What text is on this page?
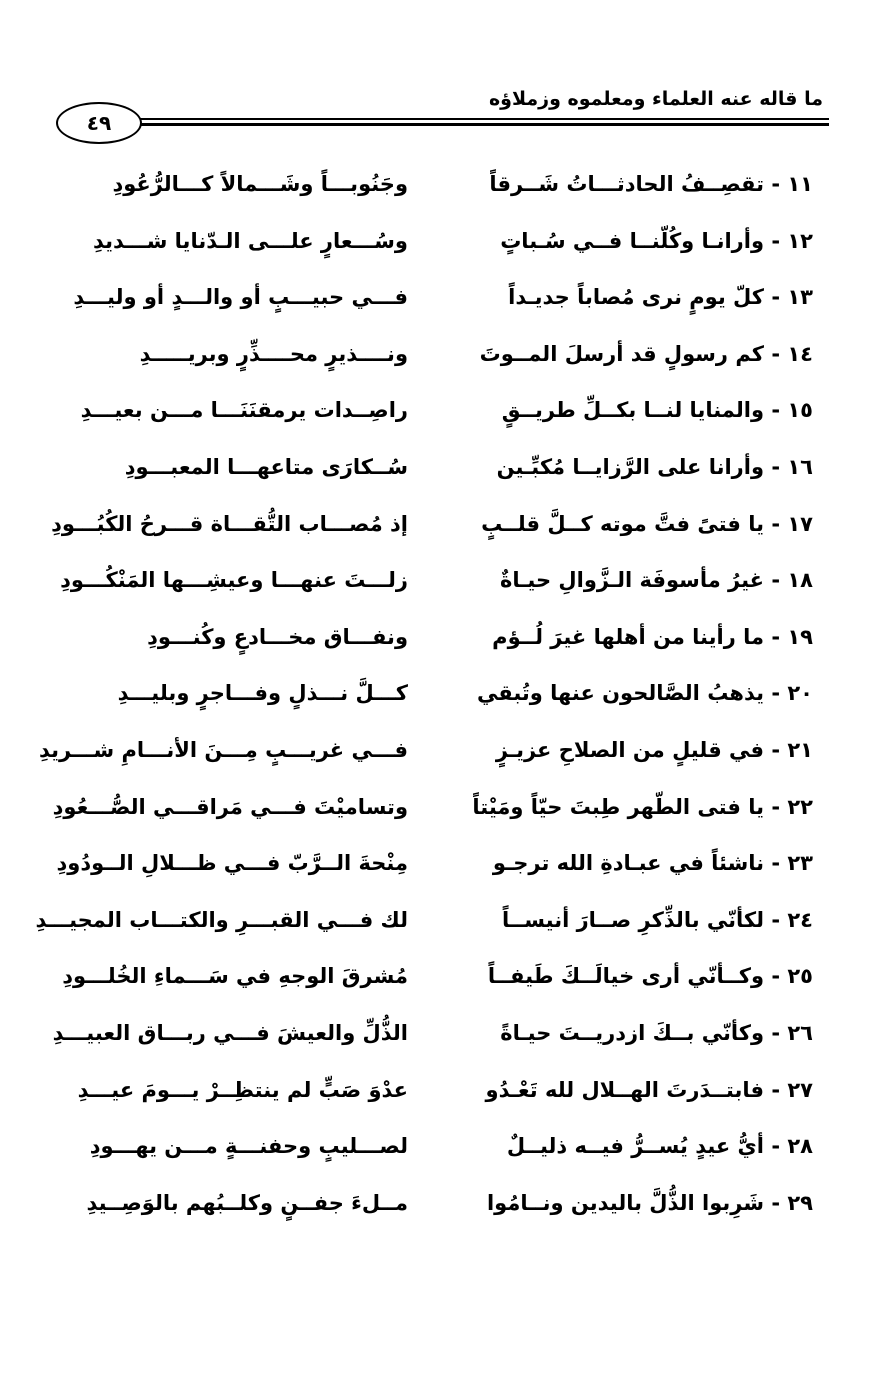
ما قاله عنه العلماء ومعلموه وزملاؤه
٤٩
١١ - تقصِــفُ الحادثـــاتُ شَــرقاً
وجَنُوبـــاً وشَـــمالاً كـــالرُّعُودِ
١٢ - وأرانـا وكُلّنــا فــي سُـباتٍ
وسُـــعارٍ علـــى الـدّنايا شـــديدِ
١٣ - كلّ يومٍ نرى مُصاباً جديـداً
فـــي حبيـــبٍ أو والـــدٍ أو وليـــدِ
١٤ - كم رسولٍ قد أرسلَ المــوتَ
ونــــذيرٍ محــــذِّرٍ وبريـــــدِ
١٥ - والمنايا لنــا بكــلِّ طريــقٍ
راصِــدات يرمقنَنَـــا مـــن بعيـــدِ
١٦ - وأرانا على الرَّزايــا مُكبِّـين
سُــكارَى متاعهـــا المعبـــودِ
١٧ - يا فتىً فتَّ موته كــلَّ قلــبٍ
إذ مُصـــاب التُّقـــاة قـــرحُ الكُبُـــودِ
١٨ - غيرُ مأسوفَة الـزَّوالِ حيـاةٌ
زلـــتَ عنهـــا وعيشِـــها المَنْكُـــودِ
١٩ - ما رأينا من أهلها غيرَ لُــؤم
ونفـــاق مخـــادعٍ وكُنـــودِ
٢٠ - يذهبُ الصَّالحون عنها وتُبقي
كـــلَّ نـــذلٍ وفـــاجرٍ وبليـــدِ
٢١ - في قليلٍ من الصلاحِ عزيـزٍ
فـــي غريـــبٍ مِـــنَ الأنـــامِ شـــريدِ
٢٢ - يا فتى الطّهر طِبتَ حيّاً ومَيْتاً
وتساميْتَ فـــي مَراقـــي الصُّـــعُودِ
٢٣ - ناشئاً في عبـادةِ الله ترجـو
مِنْحةَ الــرَّبّ فـــي ظـــلالِ الــودُودِ
٢٤ - لكأنّي بالذِّكرِ صــارَ أنيســاً
لك فـــي القبـــرِ والكتـــاب المجيـــدِ
٢٥ - وكــأنّي أرى خيالَــكَ طَيفــاً
مُشرقَ الوجهِ في سَـــماءِ الخُلـــودِ
٢٦ - وكأنّي بــكَ ازدريــتَ حيـاةً
الذُّلِّ والعيشَ فـــي ربـــاق العبيـــدِ
٢٧ - فابتــدَرتَ الهــلال لله تَعْـدُو
عدْوَ صَبٍّ لم ينتظِــرْ يـــومَ عيـــدِ
٢٨ - أيُّ عيدٍ يُســرُّ فيــه ذليــلٌ
لصـــليبٍ وحفنـــةٍ مـــن يهـــودِ
٢٩ - شَرِبوا الذُّلَّ باليدين ونــامُوا
مــلءَ جفــنٍ وكلــبُهم بالوَصِــيدِ
